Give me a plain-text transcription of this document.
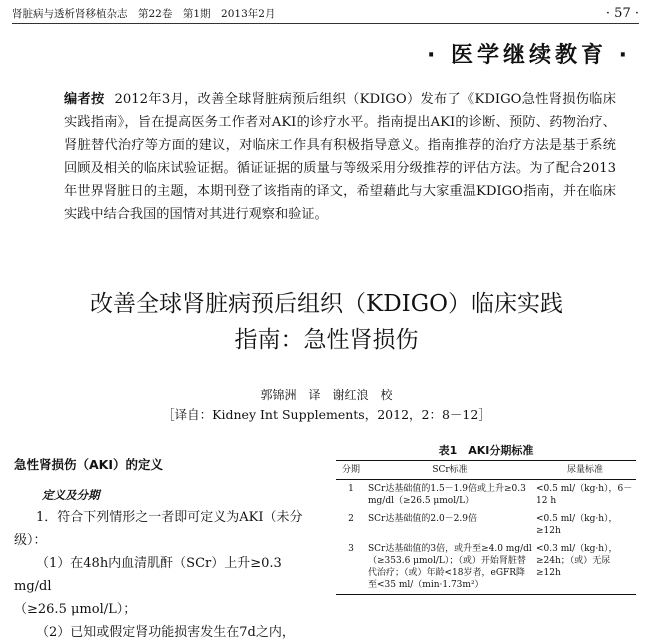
肾脏病与透析肾移植杂志　第22卷　第1期　2013年2月	· 57 ·
· 医学继续教育 ·
编者按 2012年3月，改善全球肾脏病预后组织（KDIGO）发布了《KDIGO急性肾损伤临床实践指南》，旨在提高医务工作者对AKI的诊疗水平。指南提出AKI的诊断、预防、药物治疗、肾脏替代治疗等方面的建议，对临床工作具有积极指导意义。指南推荐的治疗方法是基于系统回顾及相关的临床试验证据。循证证据的质量与等级采用分级推荐的评估方法。为了配合2013年世界肾脏日的主题，本期刊登了该指南的译文，希望藉此与大家重温KDIGO指南，并在临床实践中结合我国的国情对其进行观察和验证。
改善全球肾脏病预后组织（KDIGO）临床实践
指南：急性肾损伤
郭锦洲　译　谢红浪　校
［译自：Kidney Int Supplements，2012，2：8－12］
急性肾损伤（AKI）的定义
定义及分期

1．符合下列情形之一者即可定义为AKI（未分级）：

（1）在48h内血清肌酐（SCr）上升≥0.3 mg/dl

（≥26.5 μmol/L）；

（2）已知或假定肾功能损害发生在7d之内，

表1　AKI分期标准
分期	SCr标准	尿量标准
1	SCr达基础值的1.5－1.9倍或上升≥0.3 mg/dl（≥26.5 μmol/L）	<0.5 ml/（kg·h），6－12 h
2	SCr达基础值的2.0－2.9倍	<0.5 ml/（kg·h），≥12h
3	SCr达基础值的3倍，或升至≥4.0 mg/dl（≥353.6 μmol/L）；（或）开始肾脏替代治疗；（或）年龄<18岁者，eGFR降至<35 ml/（min·1.73m²）	<0.3 ml/（kg·h），≥24h；（或）无尿≥12h
